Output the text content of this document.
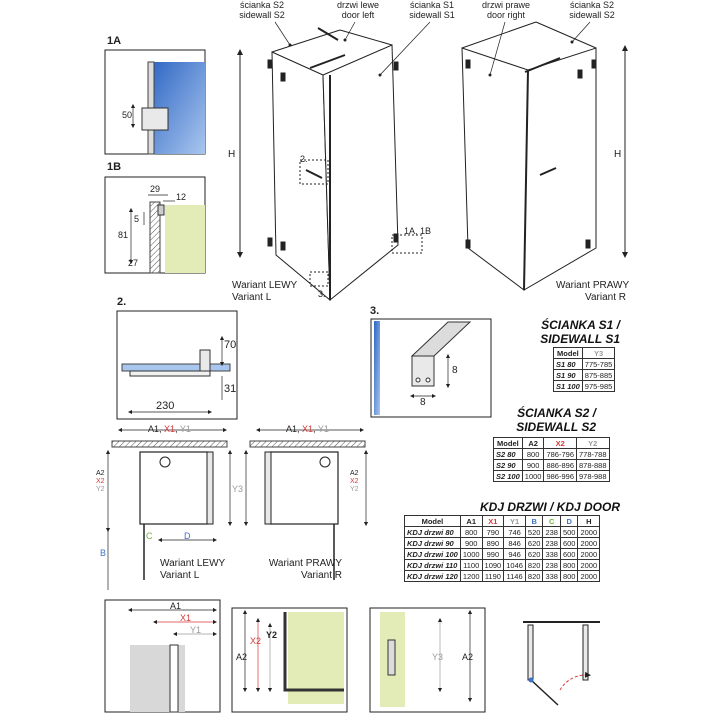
ścianka S2
sidewall S2
drzwi lewe
door left
ścianka S1
sidewall S1
drzwi prawe
door right
ścianka S2
sidewall S2
1A
1B
2.
3.
2.
3.
1A, 1B
H	H
50
29
12
5
81
27
70
31
230
8
8
A1, X1, Y1	A1, X1, Y1
A2
X2
Y2
A2
X2
Y2
Y3
B
C	D
A1
X1
Y1
A2
X2
Y2
Y3 A2
Wariant LEWY
Variant L
Wariant PRAWY
Variant R
Wariant LEWY
Variant L
Wariant PRAWY
Variant R
ŚCIANKA S1 /
SIDEWALL S1
Model	Y3
S1 80	775-785
S1 90	875-885
S1 100	975-985
ŚCIANKA S2 /
SIDEWALL S2
Model	A2	X2	Y2
S2 80	800	786-796	778-788
S2 90	900	886-896	878-888
S2 100	1000	986-996	978-988
KDJ DRZWI / KDJ DOOR
Model	A1	X1	Y1	B	C	D	H
KDJ drzwi 80	800	790	746	520	238	500	2000
KDJ drzwi 90	900	890	846	620	238	600	2000
KDJ drzwi 100	1000	990	946	620	338	600	2000
KDJ drzwi 110	1100	1090	1046	820	238	800	2000
KDJ drzwi 120	1200	1190	1146	820	338	800	2000
